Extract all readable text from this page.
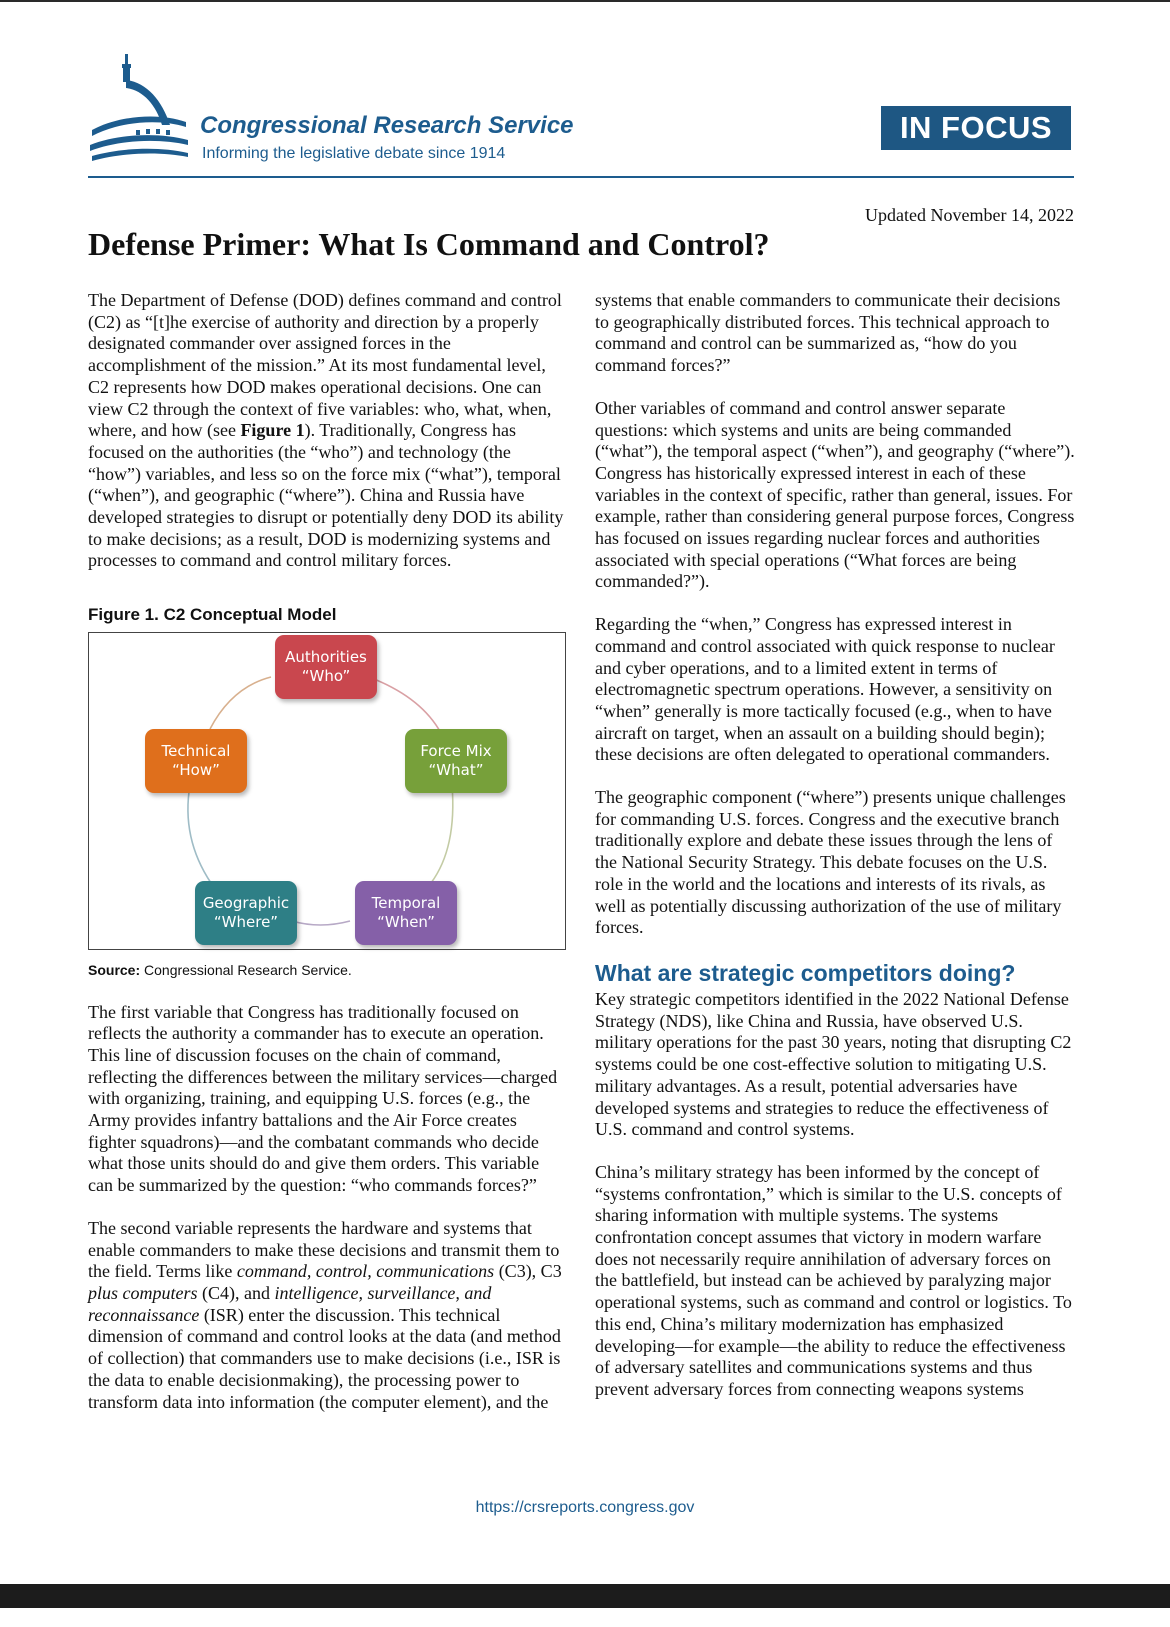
Congressional Research Service
Informing the legislative debate since 1914
IN FOCUS
Updated November 14, 2022
Defense Primer: What Is Command and Control?

The Department of Defense (DOD) defines command and control (C2) as “[t]he exercise of authority and direction by a properly designated commander over assigned forces in the accomplishment of the mission.” At its most fundamental level, C2 represents how DOD makes operational decisions. One can view C2 through the context of five variables: who, what, when, where, and how (see Figure 1). Traditionally, Congress has focused on the authorities (the “who”) and technology (the “how”) variables, and less so on the force mix (“what”), temporal (“when”), and geographic (“where”). China and Russia have developed strategies to disrupt or potentially deny DOD its ability to make decisions; as a result, DOD is modernizing systems and processes to command and control military forces.

Figure 1. C2 Conceptual Model
Authorities
“Who”
Force Mix
“What”
Temporal
“When”
Geographic
“Where”
Technical
“How”
Source: Congressional Research Service.

The first variable that Congress has traditionally focused on reflects the authority a commander has to execute an operation. This line of discussion focuses on the chain of command, reflecting the differences between the military services—charged with organizing, training, and equipping U.S. forces (e.g., the Army provides infantry battalions and the Air Force creates fighter squadrons)—and the combatant commands who decide what those units should do and give them orders. This variable can be summarized by the question: “who commands forces?”

The second variable represents the hardware and systems that enable commanders to make these decisions and transmit them to the field. Terms like command, control, communications (C3), C3 plus computers (C4), and intelligence, surveillance, and reconnaissance (ISR) enter the discussion. This technical dimension of command and control looks at the data (and method of collection) that commanders use to make decisions (i.e., ISR is the data to enable decisionmaking), the processing power to transform data into information (the computer element), and the

systems that enable commanders to communicate their decisions to geographically distributed forces. This technical approach to command and control can be summarized as, “how do you command forces?”

Other variables of command and control answer separate questions: which systems and units are being commanded (“what”), the temporal aspect (“when”), and geography (“where”). Congress has historically expressed interest in each of these variables in the context of specific, rather than general, issues. For example, rather than considering general purpose forces, Congress has focused on issues regarding nuclear forces and authorities associated with special operations (“What forces are being commanded?”).

Regarding the “when,” Congress has expressed interest in command and control associated with quick response to nuclear and cyber operations, and to a limited extent in terms of electromagnetic spectrum operations. However, a sensitivity on “when” generally is more tactically focused (e.g., when to have aircraft on target, when an assault on a building should begin); these decisions are often delegated to operational commanders.

The geographic component (“where”) presents unique challenges for commanding U.S. forces. Congress and the executive branch traditionally explore and debate these issues through the lens of the National Security Strategy. This debate focuses on the U.S. role in the world and the locations and interests of its rivals, as well as potentially discussing authorization of the use of military forces.

What are strategic competitors doing?

Key strategic competitors identified in the 2022 National Defense Strategy (NDS), like China and Russia, have observed U.S. military operations for the past 30 years, noting that disrupting C2 systems could be one cost-effective solution to mitigating U.S. military advantages. As a result, potential adversaries have developed systems and strategies to reduce the effectiveness of U.S. command and control systems.

China’s military strategy has been informed by the concept of “systems confrontation,” which is similar to the U.S. concepts of sharing information with multiple systems. The systems confrontation concept assumes that victory in modern warfare does not necessarily require annihilation of adversary forces on the battlefield, but instead can be achieved by paralyzing major operational systems, such as command and control or logistics. To this end, China’s military modernization has emphasized developing—for example—the ability to reduce the effectiveness of adversary satellites and communications systems and thus prevent adversary forces from connecting weapons systems

https://crsreports.congress.gov
